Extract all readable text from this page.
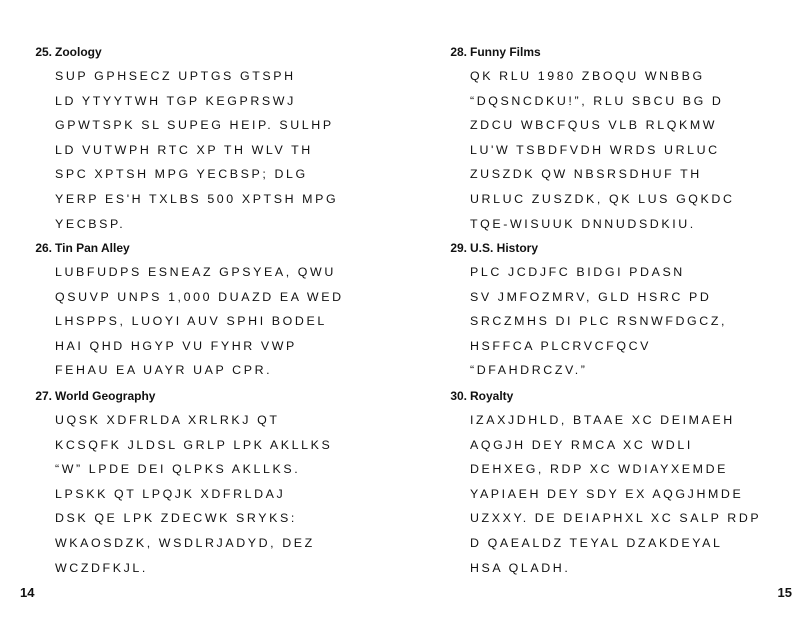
25. Zoology
SUP GPHSECZ UPTGS GTSPH
LD YTYYTWH TGP KEGPRSWJ
GPWTSPK SL SUPEG HEIP. SULHP
LD VUTWPH RTC XP TH WLV TH
SPC XPTSH MPG YECBSP; DLG
YERP ES'H TXLBS 500 XPTSH MPG
YECBSP.
26. Tin Pan Alley
LUBFUDPS ESNEAZ GPSYEA, QWU
QSUVP UNPS 1,000 DUAZD EA WED
LHSPPS, LUOYI AUV SPHI BODEL
HAI QHD HGYP VU FYHR VWP
FEHAU EA UAYR UAP CPR.
27. World Geography
UQSK XDFRLDA XRLRKJ QT
KCSQFK JLDSL GRLP LPK AKLLKS
“W” LPDE DEI QLPKS AKLLKS.
LPSKK QT LPQJK XDFRLDAJ
DSK QE LPK ZDECWK SRYKS:
WKAOSDZK, WSDLRJADYD, DEZ
WCZDFKJL.
14
28. Funny Films
QK RLU 1980 ZBOQU WNBBG
“DQSNCDKU!”, RLU SBCU BG D
ZDCU WBCFQUS VLB RLQKMW
LU'W TSBDFVDH WRDS URLUC
ZUSZDK QW NBSRSDHUF TH
URLUC ZUSZDK, QK LUS GQKDC
TQE-WISUUK DNNUDSDKIU.
29. U.S. History
PLC JCDJFC BIDGI PDASN
SV JMFOZMRV, GLD HSRC PD
SRCZMHS DI PLC RSNWFDGCZ,
HSFFCA PLCRVCFQCV
“DFAHDRCZV.”
30. Royalty
IZAXJDHLD, BTAAE XC DEIMAEH
AQGJH DEY RMCA XC WDLI
DEHXEG, RDP XC WDIAYXEMDE
YAPIAEH DEY SDY EX AQGJHMDE
UZXXY. DE DEIAPHXL XC SALP RDP
D QAEALDZ TEYAL DZAKDEYAL
HSA QLADH.
15
